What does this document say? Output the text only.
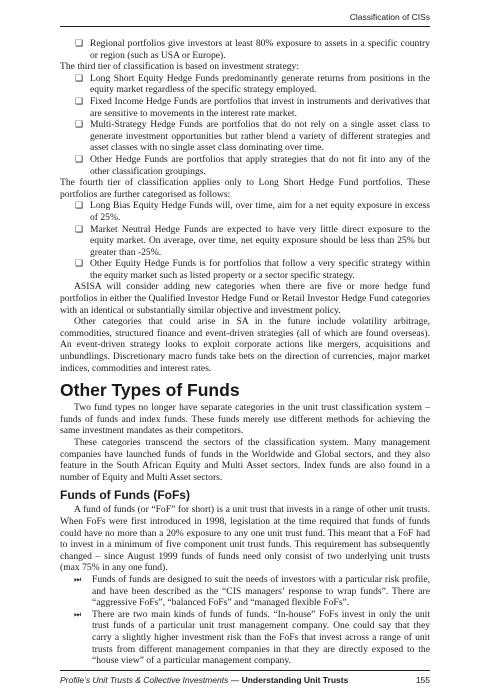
Classification of CISs

❑ Regional portfolios give investors at least 80% exposure to assets in a specific country or region (such as USA or Europe).

The third tier of classification is based on investment strategy:

❑ Long Short Equity Hedge Funds predominantly generate returns from positions in the equity market regardless of the specific strategy employed.

❑ Fixed Income Hedge Funds are portfolios that invest in instruments and derivatives that are sensitive to movements in the interest rate market.

❑ Multi-Strategy Hedge Funds are portfolios that do not rely on a single asset class to generate investment opportunities but rather blend a variety of different strategies and asset classes with no single asset class dominating over time.

❑ Other Hedge Funds are portfolios that apply strategies that do not fit into any of the other classification groupings.

The fourth tier of classification applies only to Long Short Hedge Fund portfolios. These portfolios are further categorised as follows:

❑ Long Bias Equity Hedge Funds will, over time, aim for a net equity exposure in excess of 25%.

❑ Market Neutral Hedge Funds are expected to have very little direct exposure to the equity market. On average, over time, net equity exposure should be less than 25% but greater than -25%.

❑ Other Equity Hedge Funds is for portfolios that follow a very specific strategy within the equity market such as listed property or a sector specific strategy.

ASISA will consider adding new categories when there are five or more hedge fund portfolios in either the Qualified Investor Hedge Fund or Retail Investor Hedge Fund categories with an identical or substantially similar objective and investment policy.

Other categories that could arise in SA in the future include volatility arbitrage, commodities, structured finance and event-driven strategies (all of which are found overseas). An event-driven strategy looks to exploit corporate actions like mergers, acquisitions and unbundlings. Discretionary macro funds take bets on the direction of currencies, major market indices, commodities and interest rates.

Other Types of Funds

Two fund types no longer have separate categories in the unit trust classification system – funds of funds and index funds. These funds merely use different methods for achieving the same investment mandates as their competitors.

These categories transcend the sectors of the classification system. Many management companies have launched funds of funds in the Worldwide and Global sectors, and they also feature in the South African Equity and Multi Asset sectors. Index funds are also found in a number of Equity and Multi Asset sectors.

Funds of Funds (FoFs)

A fund of funds (or “FoF” for short) is a unit trust that invests in a range of other unit trusts. When FoFs were first introduced in 1998, legislation at the time required that funds of funds could have no more than a 20% exposure to any one unit trust fund. This meant that a FoF had to invest in a minimum of five component unit trust funds. This requirement has subsequently changed – since August 1999 funds of funds need only consist of two underlying unit trusts (max 75% in any one fund).

⏭ Funds of funds are designed to suit the needs of investors with a particular risk profile, and have been described as the “CIS managers’ response to wrap funds”. There are “aggressive FoFs”, “balanced FoFs” and “managed flexible FoFs”.

⏭ There are two main kinds of funds of funds. “In-house” FoFs invest in only the unit trust funds of a particular unit trust management company. One could say that they carry a slightly higher investment risk than the FoFs that invest across a range of unit trusts from different management companies in that they are directly exposed to the “house view” of a particular management company.

Profile’s Unit Trusts & Collective Investments — Understanding Unit Trusts	155
